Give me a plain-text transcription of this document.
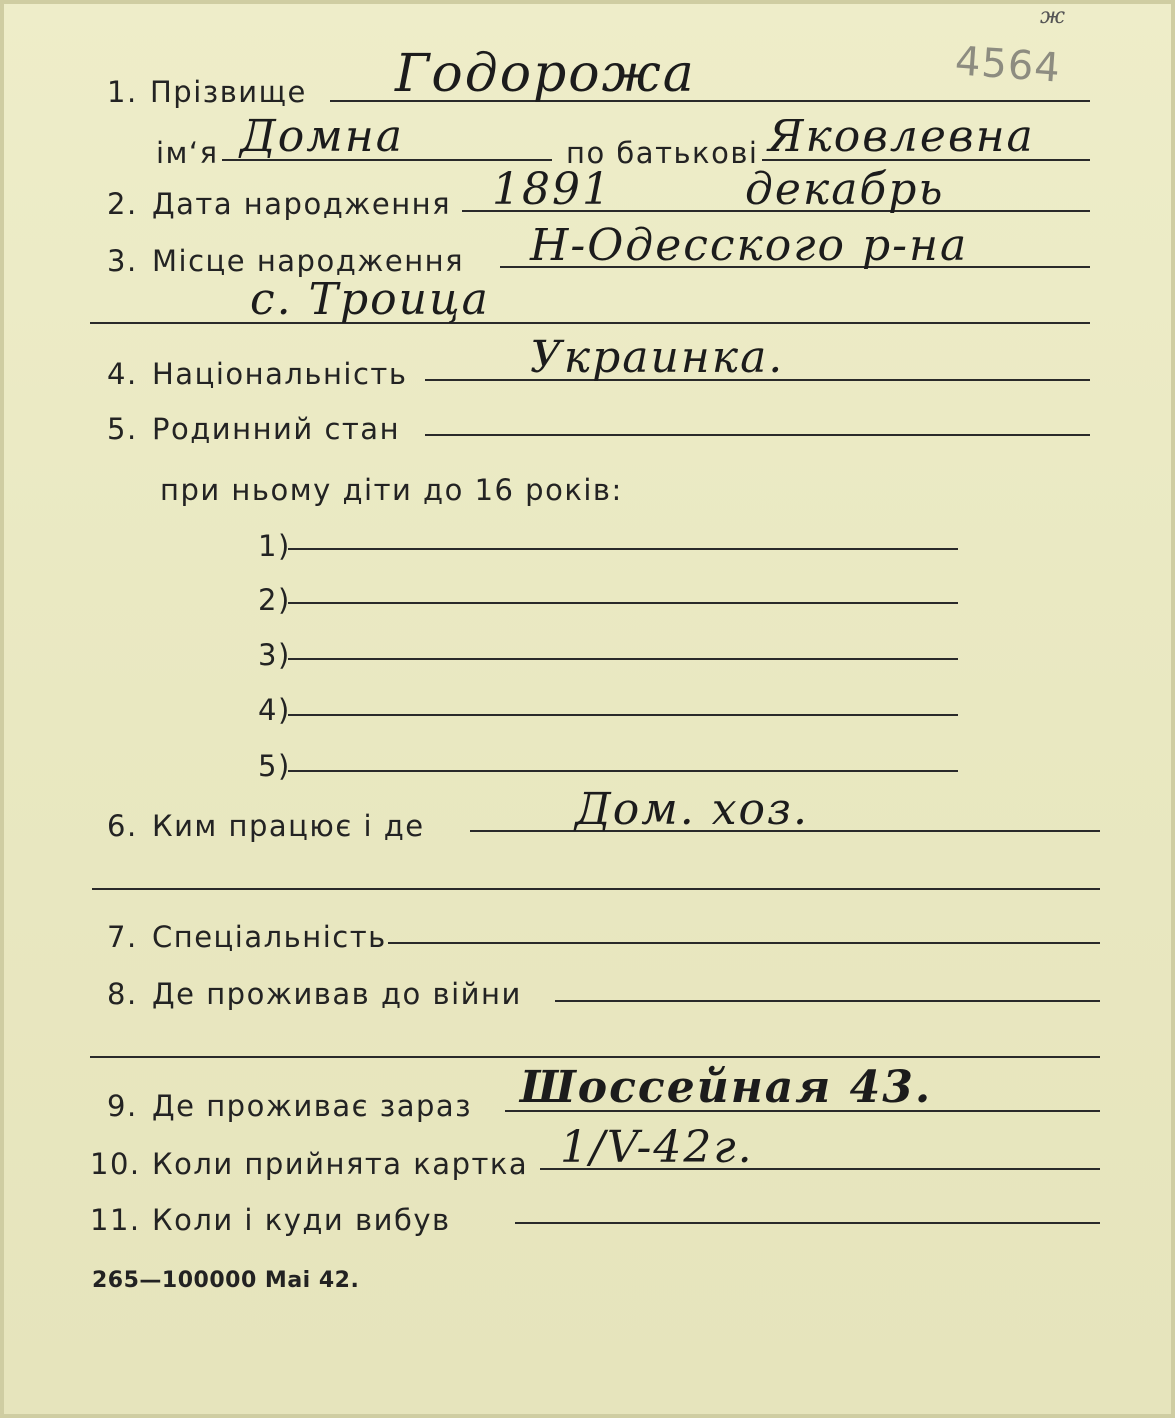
ж
4564
1. Прізвище Годорожа
ім‘я Домна	по батькові Яковлевна
2. Дата народження 1891	декабрь
3. Місце народження Н-Одесского р-на
с. Троица
4. Національність	Украинка.
5. Родинний стан
при ньому діти до 16 років:
1)
2)
3)
4)
5)
6. Ким працює і де	Дом. хоз.
7. Спеціальність
8. Де проживав до війни
9. Де проживає зараз Шоссейная 43.
10. Коли прийнята картка 1/V-42г.
11. Коли і куди вибув
265—100000 Mai 42.
